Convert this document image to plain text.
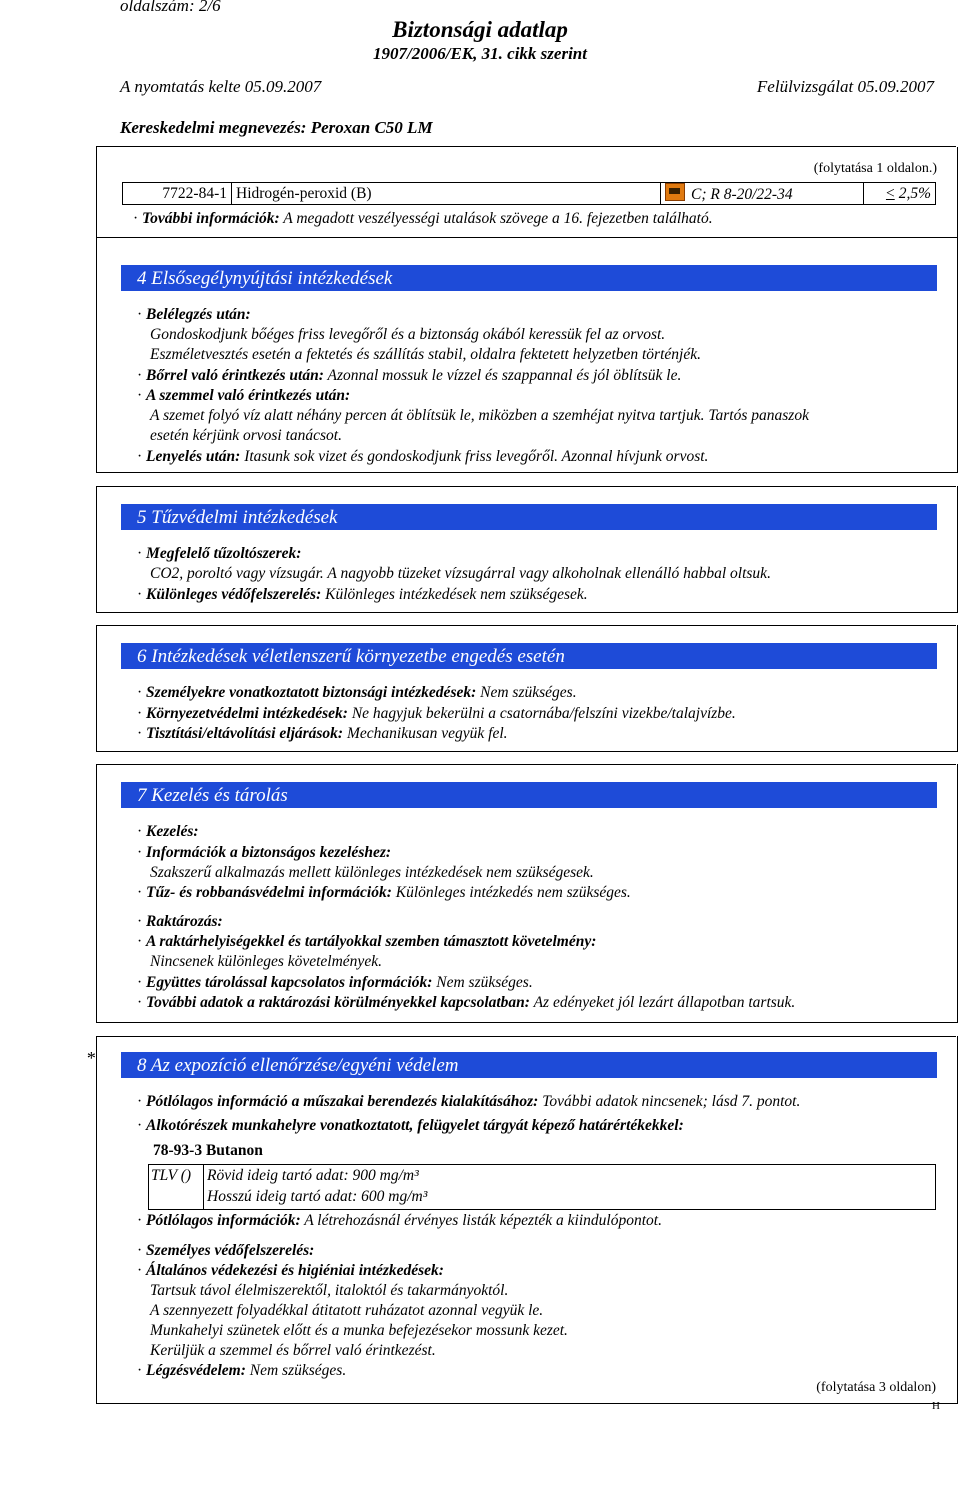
oldalszám: 2/6
Biztonsági adatlap
1907/2006/EK, 31. cikk szerint
A nyomtatás kelte 05.09.2007	Felülvizsgálat 05.09.2007
Kereskedelmi megnevezés: Peroxan C50 LM
(folytatása 1 oldalon.)
· További információk: A megadott veszélyességi utalások szövege a 16. fejezetben található.
7722-84-1	Hidrogén-peroxid (B)	C; R 8-20/22-34	≤ 2,5%
4 Elsősegélynyújtási intézkedések
· Belélegzés után:
Gondoskodjunk bőéges friss levegőről és a biztonság okából keressük fel az orvost.
Eszméletvesztés esetén a fektetés és szállítás stabil, oldalra fektetett helyzetben történjék.
· Bőrrel való érintkezés után: Azonnal mossuk le vízzel és szappannal és jól öblítsük le.
· A szemmel való érintkezés után:
A szemet folyó víz alatt néhány percen át öblítsük le, miközben a szemhéjat nyitva tartjuk. Tartós panaszok
esetén kérjünk orvosi tanácsot.
· Lenyelés után: Itasunk sok vizet és gondoskodjunk friss levegőről. Azonnal hívjunk orvost.
5 Tűzvédelmi intézkedések
· Megfelelő tűzoltószerek:
CO2, poroltó vagy vízsugár. A nagyobb tüzeket vízsugárral vagy alkoholnak ellenálló habbal oltsuk.
· Különleges védőfelszerelés: Különleges intézkedések nem szükségesek.
6 Intézkedések véletlenszerű környezetbe engedés esetén
· Személyekre vonatkoztatott biztonsági intézkedések: Nem szükséges.
· Környezetvédelmi intézkedések: Ne hagyjuk bekerülni a csatornába/felszíni vizekbe/talajvízbe.
· Tisztítási/eltávolítási eljárások: Mechanikusan vegyük fel.
7 Kezelés és tárolás
· Kezelés:
· Információk a biztonságos kezeléshez:
Szakszerű alkalmazás mellett különleges intézkedések nem szükségesek.
· Tűz- és robbanásvédelmi információk: Különleges intézkedés nem szükséges.
· Raktározás:
· A raktárhelyiségekkel és tartályokkal szemben támasztott követelmény:
Nincsenek különleges követelmények.
· Együttes tárolással kapcsolatos információk: Nem szükséges.
· További adatok a raktározási körülményekkel kapcsolatban: Az edényeket jól lezárt állapotban tartsuk.
*	8 Az expozíció ellenőrzése/egyéni védelem
· Pótlólagos információ a műszakai berendezés kialakításához: További adatok nincsenek; lásd 7. pontot.
· Alkotórészek munkahelyre vonatkoztatott, felügyelet tárgyát képező határértékekkel:
78-93-3 Butanon
· Pótlólagos információk: A létrehozásnál érvényes listák képezték a kiindulópontot.
· Személyes védőfelszerelés:
· Általános védekezési és higiéniai intézkedések:
Tartsuk távol élelmiszerektől, italoktól és takarmányoktól.
A szennyezett folyadékkal átitatott ruházatot azonnal vegyük le.
Munkahelyi szünetek előtt és a munka befejezésekor mossunk kezet.
Kerüljük a szemmel és bőrrel való érintkezést.
· Légzésvédelem: Nem szükséges.
TLV ()	Rövid ideig tartó adat: 900 mg/m³
Hosszú ideig tartó adat: 600 mg/m³
(folytatása 3 oldalon)
H
